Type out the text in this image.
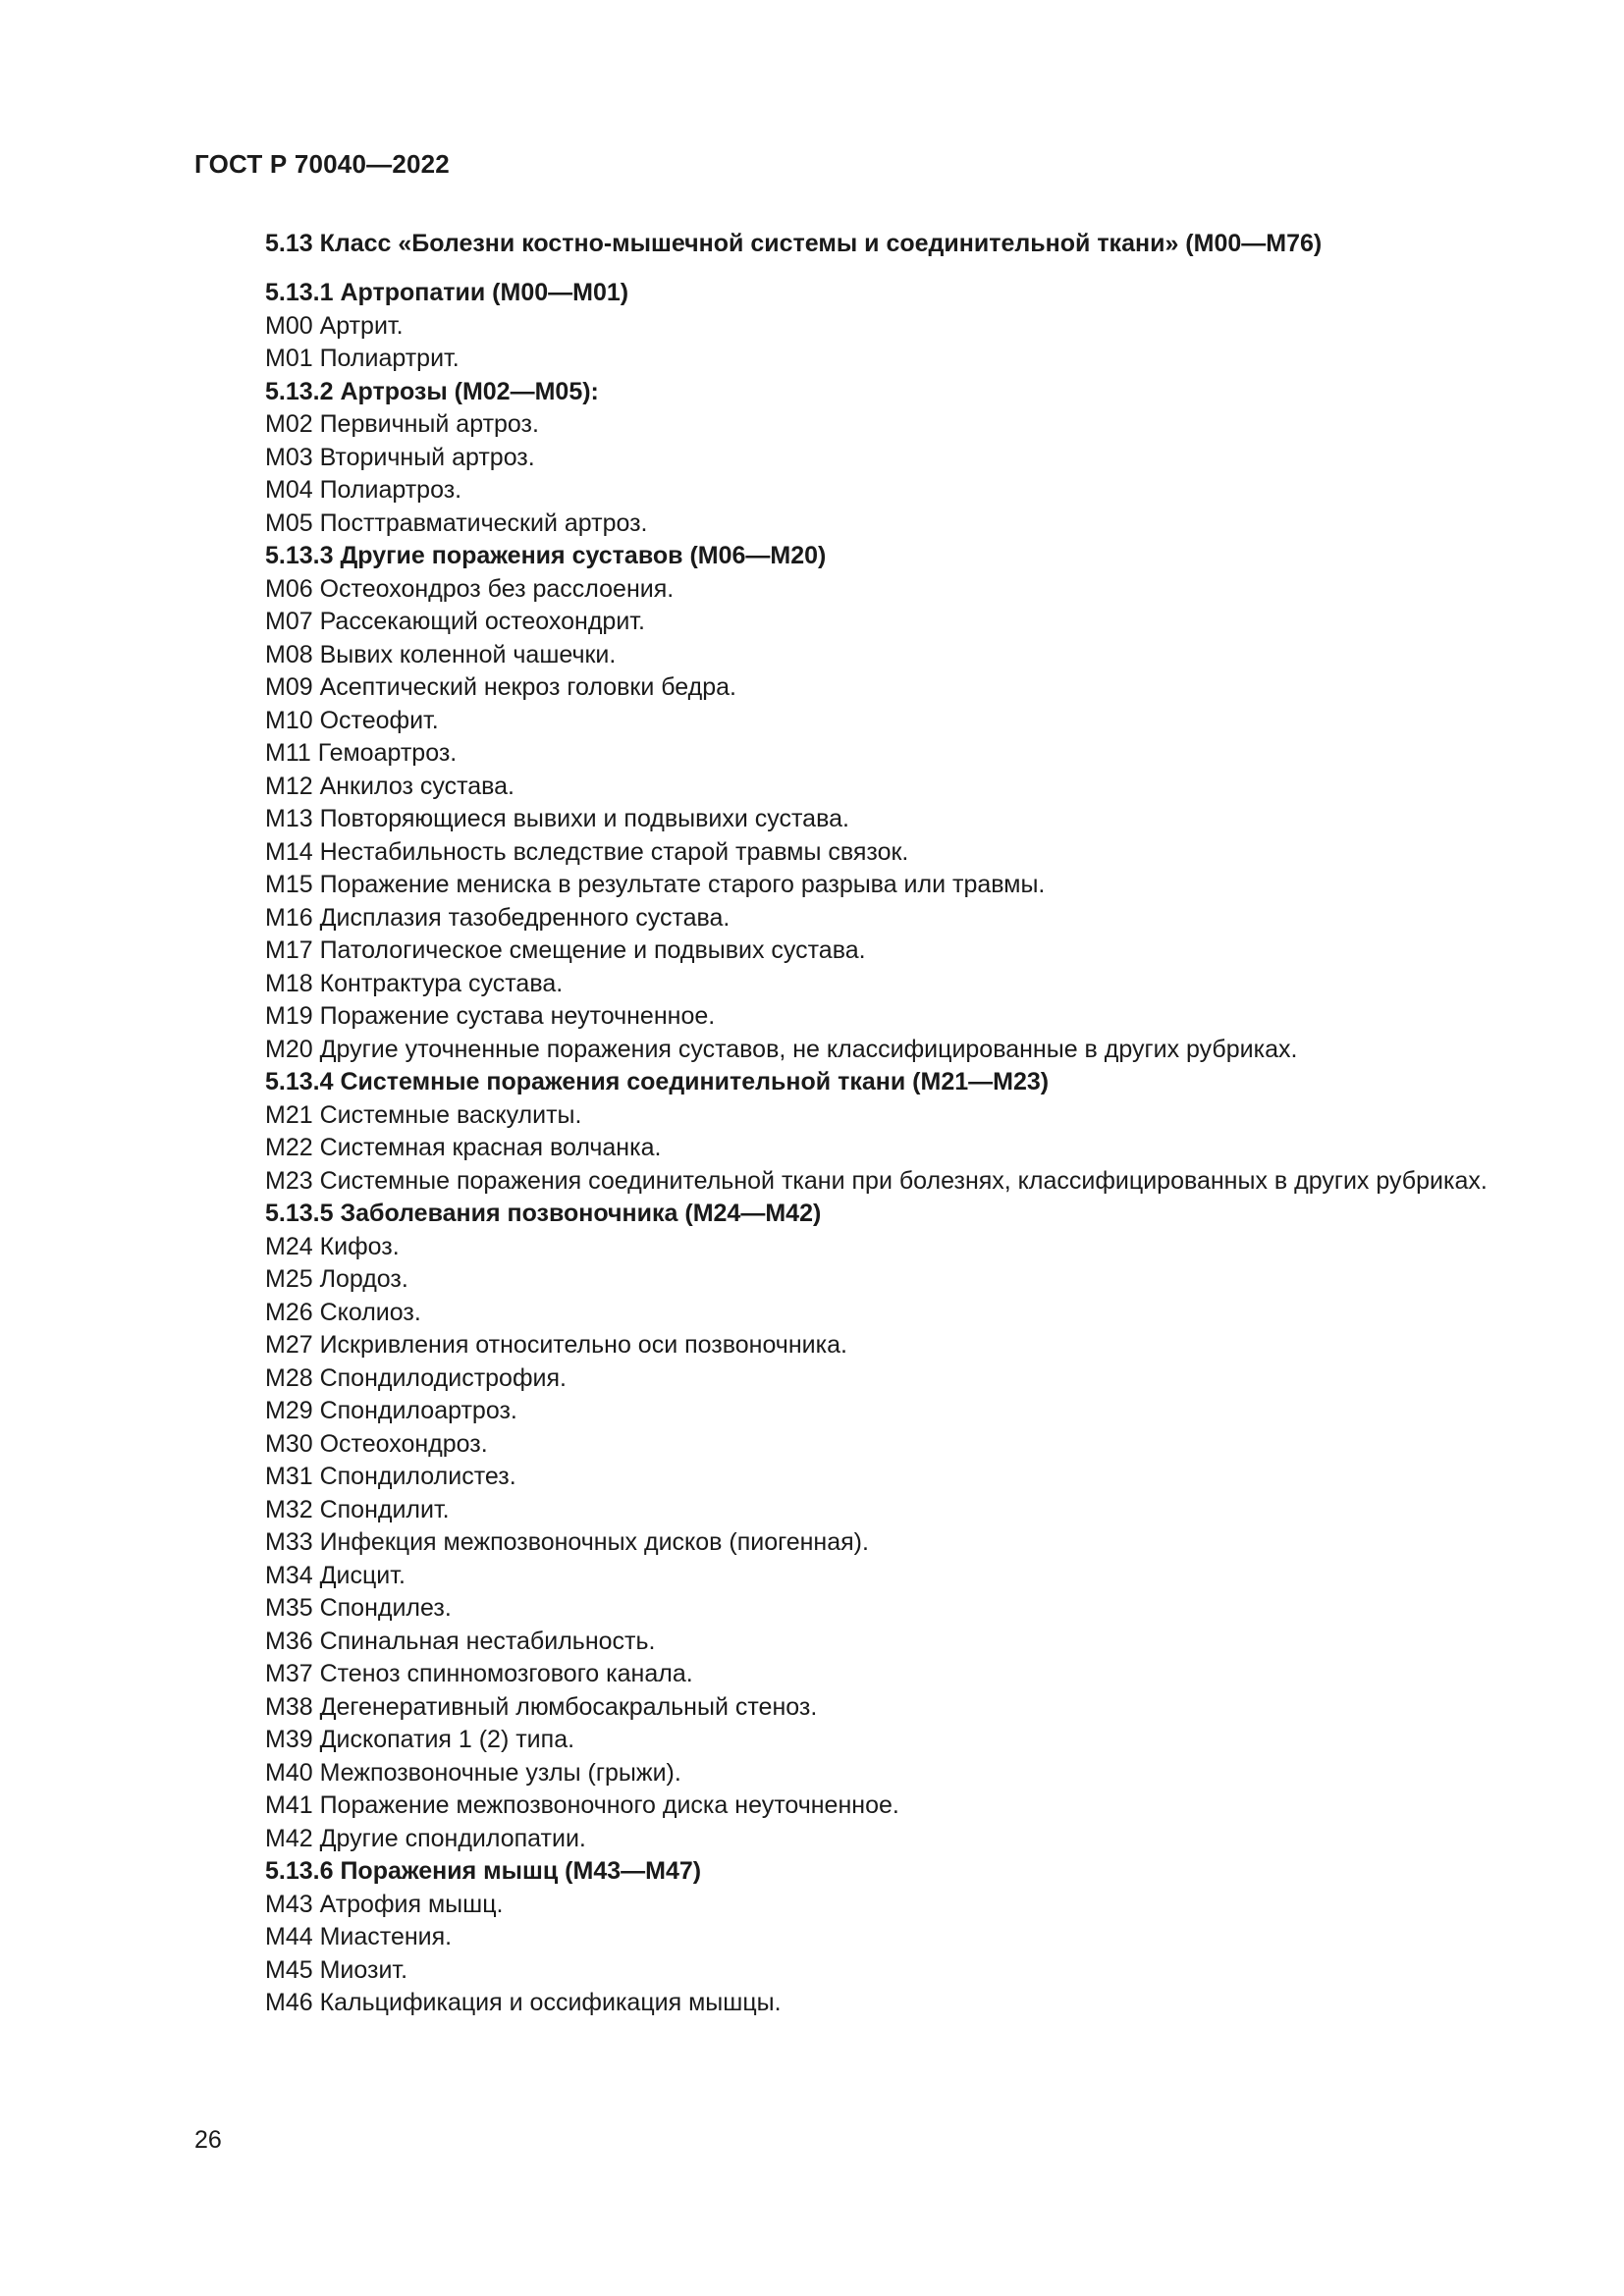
ГОСТ Р 70040—2022
5.13 Класс «Болезни костно-мышечной системы и соединительной ткани» (M00—M76)
5.13.1 Артропатии (M00—M01)
M00 Артрит.
M01 Полиартрит.
5.13.2 Артрозы (M02—M05):
M02 Первичный артроз.
M03 Вторичный артроз.
M04 Полиартроз.
M05 Посттравматический артроз.
5.13.3 Другие поражения суставов (M06—M20)
M06 Остеохондроз без расслоения.
M07 Рассекающий остеохондрит.
M08 Вывих коленной чашечки.
M09 Асептический некроз головки бедра.
M10 Остеофит.
M11 Гемоартроз.
M12 Анкилоз сустава.
M13 Повторяющиеся вывихи и подвывихи сустава.
M14 Нестабильность вследствие старой травмы связок.
M15 Поражение мениска в результате старого разрыва или травмы.
M16 Дисплазия тазобедренного сустава.
M17 Патологическое смещение и подвывих сустава.
M18 Контрактура сустава.
M19 Поражение сустава неуточненное.
M20 Другие уточненные поражения суставов, не классифицированные в других рубриках.
5.13.4 Системные поражения соединительной ткани (M21—M23)
M21 Системные васкулиты.
M22 Системная красная волчанка.
M23 Системные поражения соединительной ткани при болезнях, классифицированных в других рубриках.
5.13.5 Заболевания позвоночника (M24—M42)
M24 Кифоз.
M25 Лордоз.
M26 Сколиоз.
M27 Искривления относительно оси позвоночника.
M28 Спондилодистрофия.
M29 Спондилоартроз.
M30 Остеохондроз.
M31 Спондилолистез.
M32 Спондилит.
M33 Инфекция межпозвоночных дисков (пиогенная).
M34 Дисцит.
M35 Спондилез.
M36 Спинальная нестабильность.
M37 Стеноз спинномозгового канала.
M38 Дегенеративный люмбосакральный стеноз.
M39 Дископатия 1 (2) типа.
M40 Межпозвоночные узлы (грыжи).
M41 Поражение межпозвоночного диска неуточненное.
M42 Другие спондилопатии.
5.13.6 Поражения мышц (M43—M47)
M43 Атрофия мышц.
M44 Миастения.
M45 Миозит.
M46 Кальцификация и оссификация мышцы.
26
